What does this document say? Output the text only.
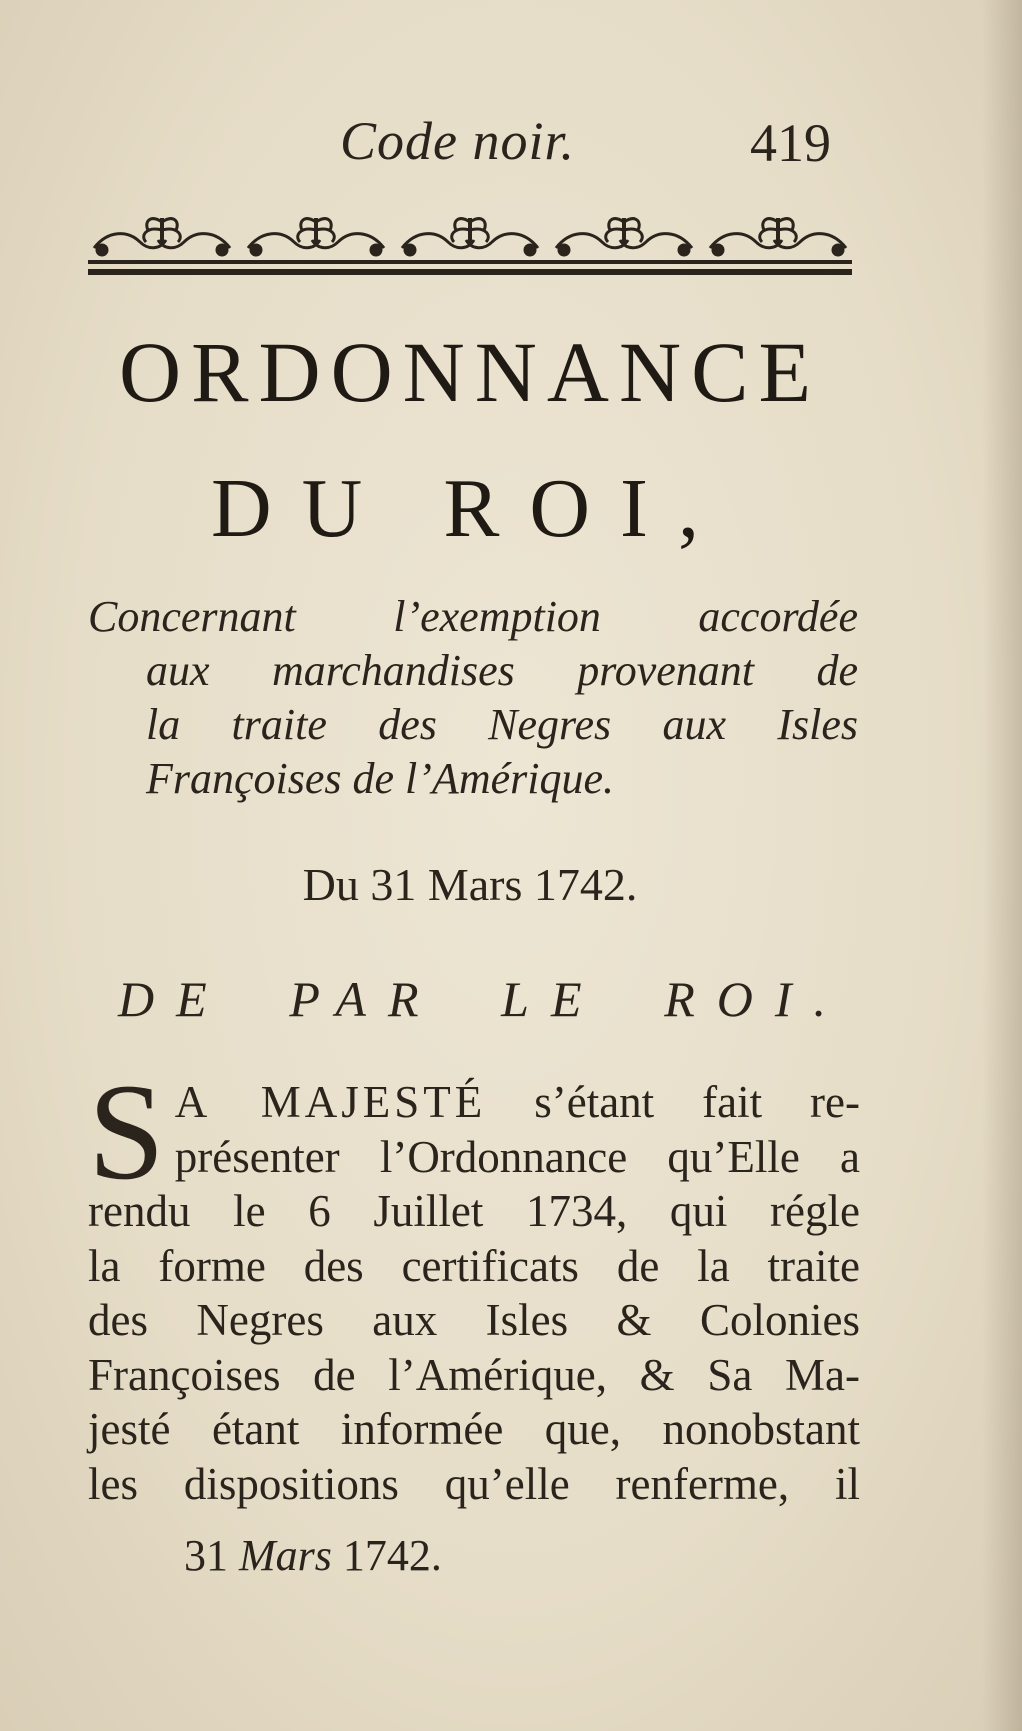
Code noir.	419
ORDONNANCE
DU ROI,

Concernant l’exemption accordée
aux marchandises provenant de
la traite des Negres aux Isles
Françoises de l’Amérique.

Du 31 Mars 1742.
DE PAR LE ROI.
S A MAJESTÉ s’étant fait re-
présenter l’Ordonnance qu’Elle a
rendu le 6 Juillet 1734, qui régle
la forme des certificats de la traite
des Negres aux Isles & Colonies
Françoises de l’Amérique, & Sa Ma-
jesté étant informée que, nonobstant
les dispositions qu’elle renferme, il
31 Mars 1742.
